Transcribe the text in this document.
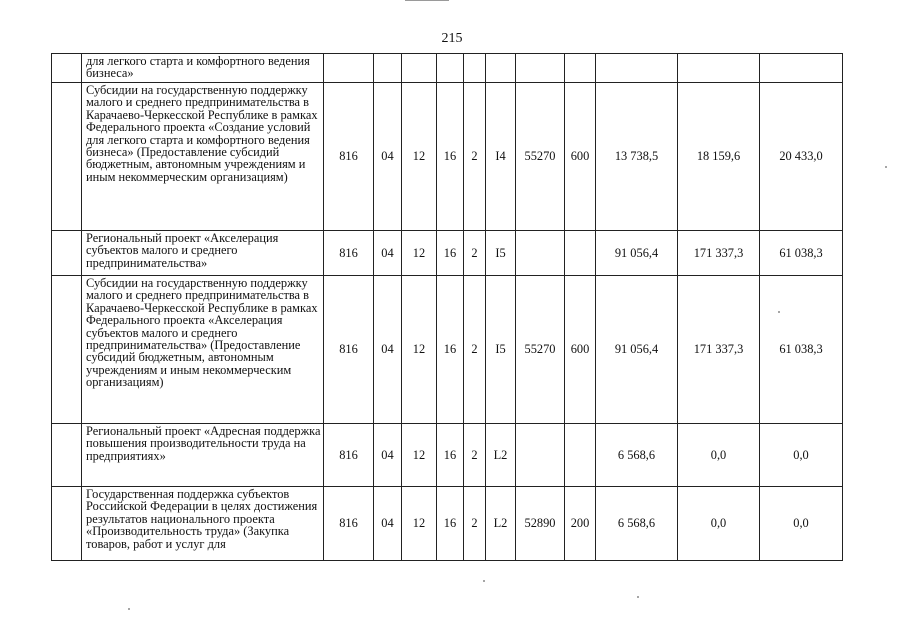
215
	для легкого старта и комфортного ведения бизнеса»											
	Субсидии на государственную поддержку малого и среднего предпринимательства в Карачаево-Черкесской Республике в рамках Федерального проекта «Создание условий для легкого старта и комфортного ведения бизнеса» (Предоставление субсидий бюджетным, автономным учреждениям и иным некоммерческим организациям)	816	04	12	16	2	I4	55270	600	13 738,5	18 159,6	20 433,0
	Региональный проект «Акселерация субъектов малого и среднего предпринимательства»	816	04	12	16	2	I5			91 056,4	171 337,3	61 038,3
	Субсидии на государственную поддержку малого и среднего предпринимательства в Карачаево-Черкесской Республике в рамках Федерального проекта «Акселерация субъектов малого и среднего предпринимательства» (Предоставление субсидий бюджетным, автономным учреждениям и иным некоммерческим организациям)	816	04	12	16	2	I5	55270	600	91 056,4	171 337,3	61 038,3
	Региональный проект «Адресная поддержка повышения производительности труда на предприятиях»	816	04	12	16	2	L2			6 568,6	0,0	0,0
	Государственная поддержка субъектов Российской Федерации в целях достижения результатов национального проекта «Производительность труда» (Закупка товаров, работ и услуг для	816	04	12	16	2	L2	52890	200	6 568,6	0,0	0,0
